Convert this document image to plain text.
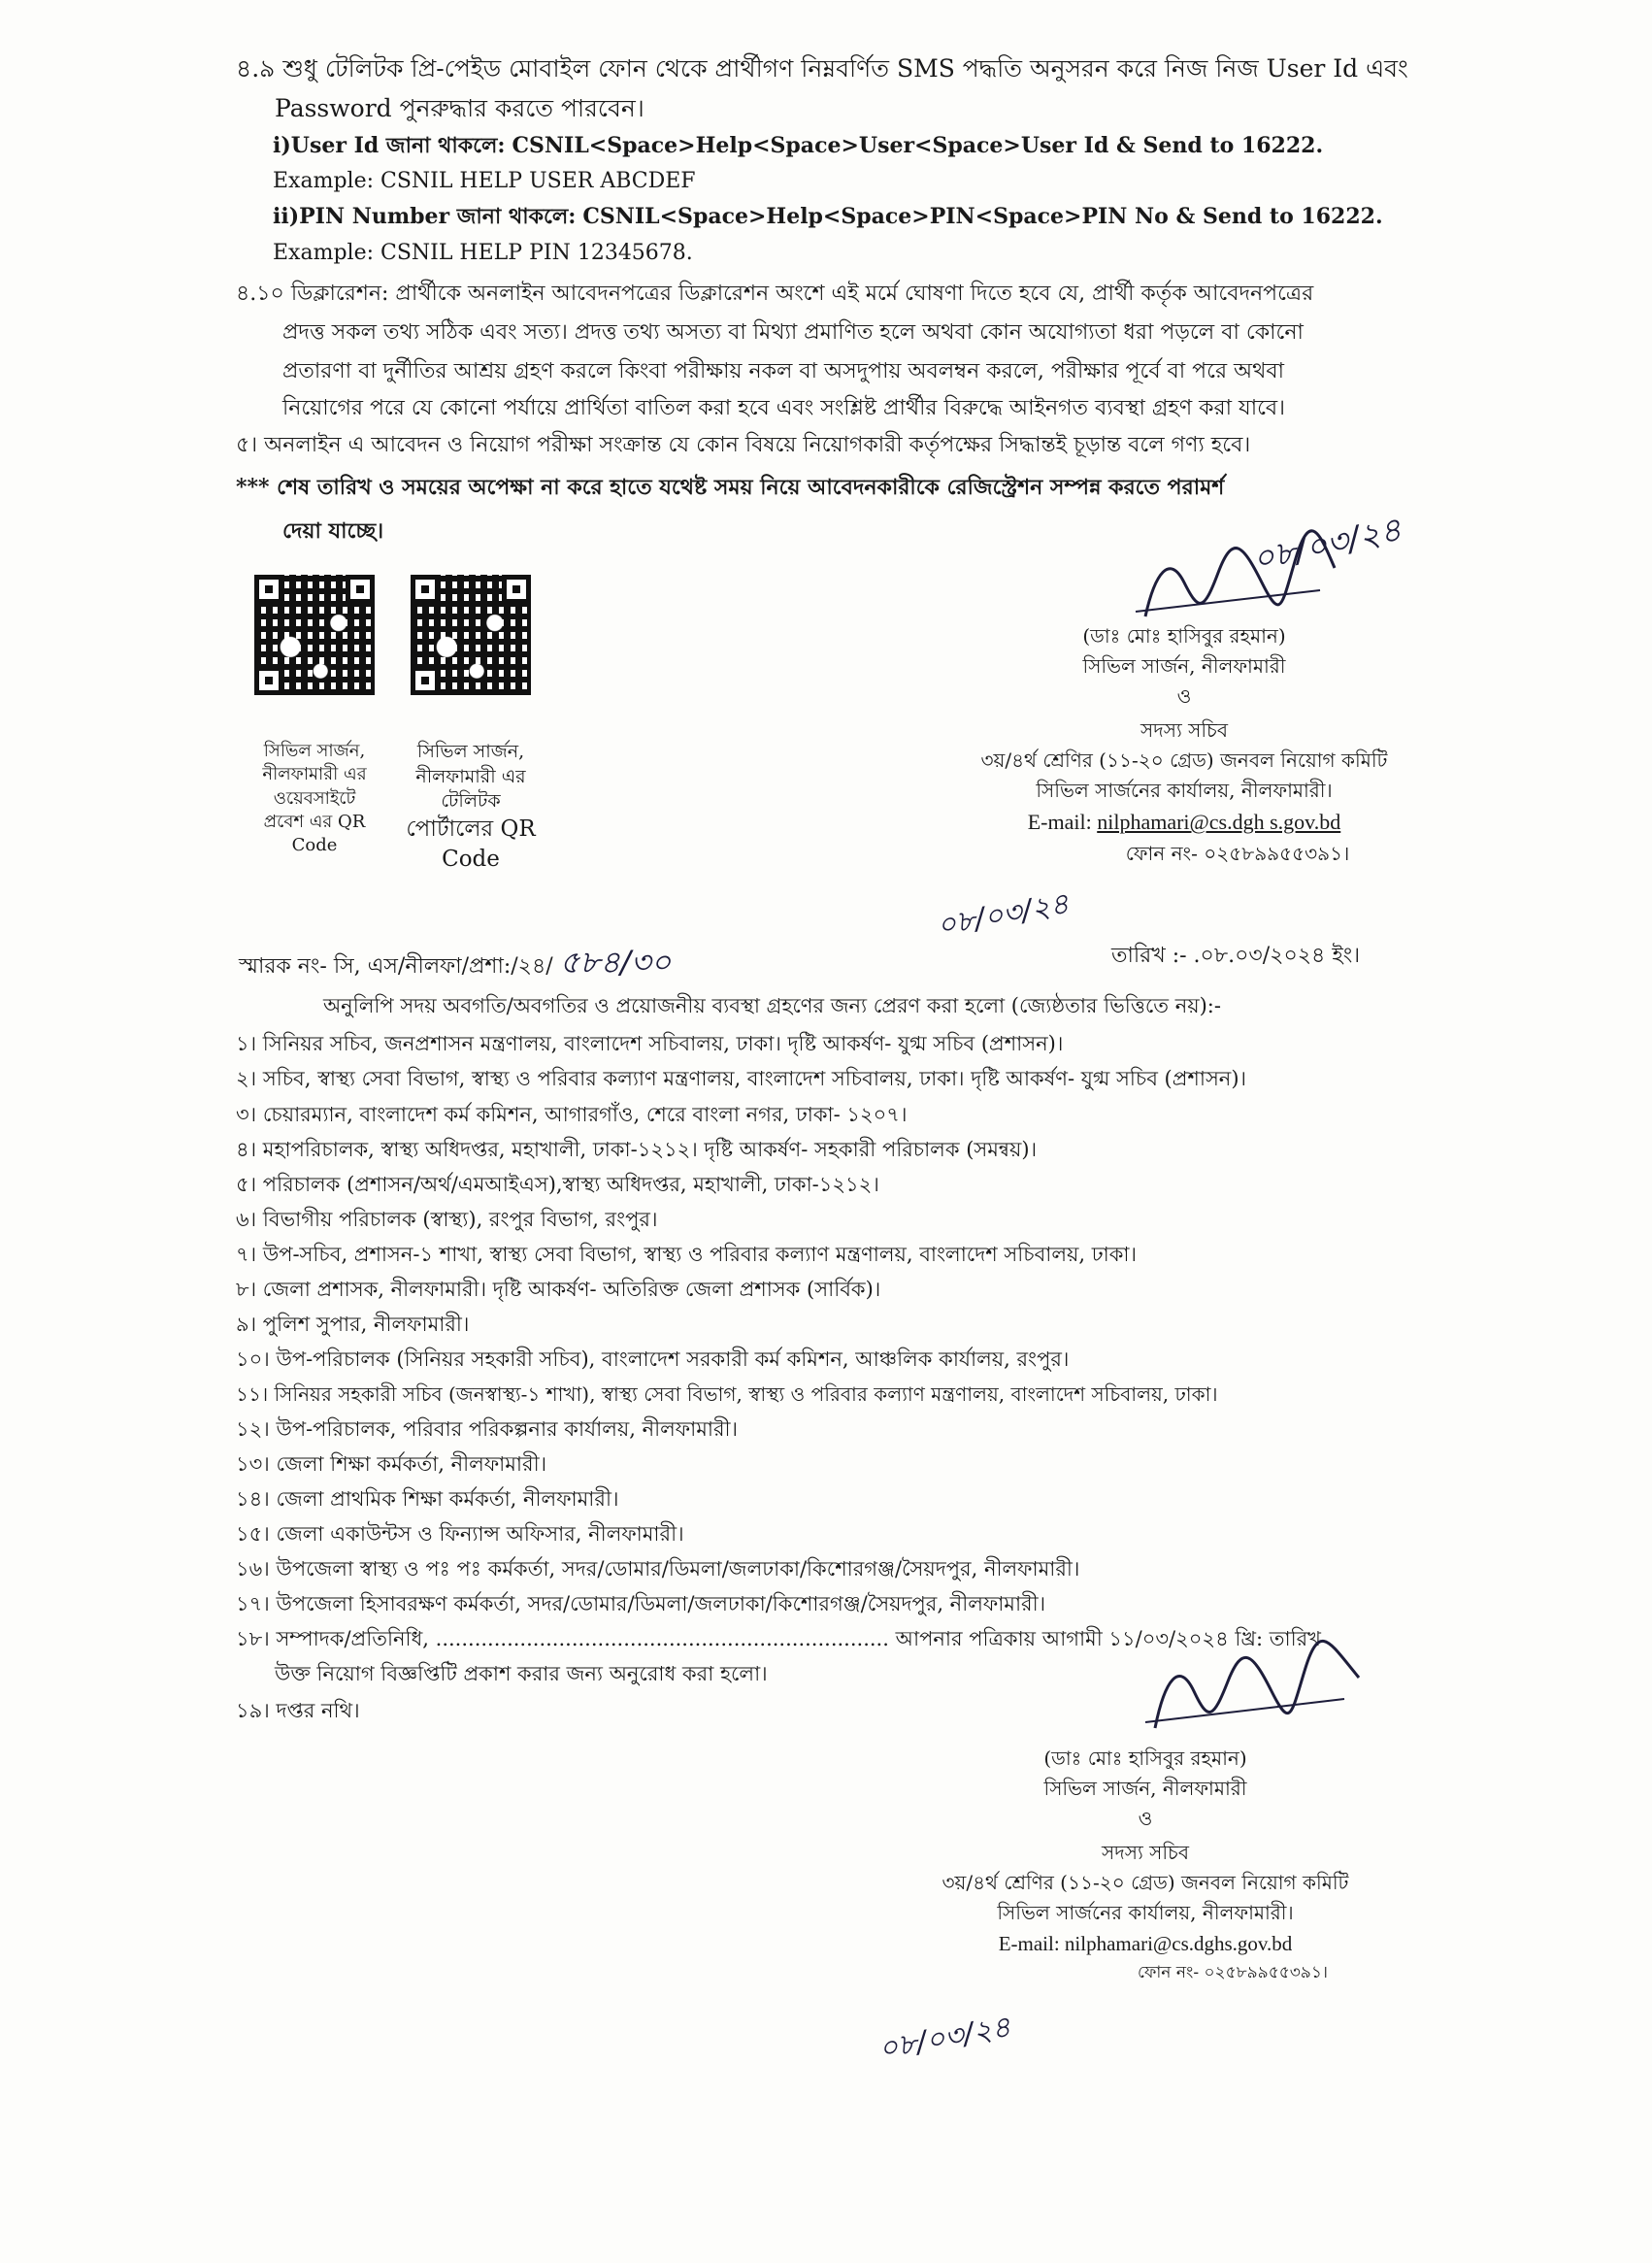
৪.৯ শুধু টেলিটক প্রি-পেইড মোবাইল ফোন থেকে প্রার্থীগণ নিম্নবর্ণিত SMS পদ্ধতি অনুসরন করে নিজ নিজ User Id এবং
Password পুনরুদ্ধার করতে পারবেন।
i)User Id জানা থাকলে: CSNIL<Space>Help<Space>User<Space>User Id & Send to 16222.
Example: CSNIL HELP USER ABCDEF
ii)PIN Number জানা থাকলে: CSNIL<Space>Help<Space>PIN<Space>PIN No & Send to 16222.
Example: CSNIL HELP PIN 12345678.
৪.১০ ডিক্লারেশন: প্রার্থীকে অনলাইন আবেদনপত্রের ডিক্লারেশন অংশে এই মর্মে ঘোষণা দিতে হবে যে, প্রার্থী কর্তৃক আবেদনপত্রের
প্রদত্ত সকল তথ্য সঠিক এবং সত্য। প্রদত্ত তথ্য অসত্য বা মিথ্যা প্রমাণিত হলে অথবা কোন অযোগ্যতা ধরা পড়লে বা কোনো
প্রতারণা বা দুর্নীতির আশ্রয় গ্রহণ করলে কিংবা পরীক্ষায় নকল বা অসদুপায় অবলম্বন করলে, পরীক্ষার পূর্বে বা পরে অথবা
নিয়োগের পরে যে কোনো পর্যায়ে প্রার্থিতা বাতিল করা হবে এবং সংশ্লিষ্ট প্রার্থীর বিরুদ্ধে আইনগত ব্যবস্থা গ্রহণ করা যাবে।
৫। অনলাইন এ আবেদন ও নিয়োগ পরীক্ষা সংক্রান্ত যে কোন বিষয়ে নিয়োগকারী কর্তৃপক্ষের সিদ্ধান্তই চূড়ান্ত বলে গণ্য হবে।
*** শেষ তারিখ ও সময়ের অপেক্ষা না করে হাতে যথেষ্ট সময় নিয়ে আবেদনকারীকে রেজিস্ট্রেশন সম্পন্ন করতে পরামর্শ
দেয়া যাচ্ছে।
সিভিল সার্জন,
নীলফামারী এর
ওয়েবসাইটে
প্রবেশ এর QR
Code
সিভিল সার্জন,
নীলফামারী এর
টেলিটক
পোর্টালের QR
Code
০৮/০৩/২৪
(ডাঃ মোঃ হাসিবুর রহমান)
সিভিল সার্জন, নীলফামারী
ও
সদস্য সচিব
৩য়/৪র্থ শ্রেণির (১১-২০ গ্রেড) জনবল নিয়োগ কমিটি
সিভিল সার্জনের কার্যালয়, নীলফামারী।
E-mail: nilphamari@cs.dgh s.gov.bd
ফোন নং- ০২৫৮৯৯৫৫৩৯১।
০৮/০৩/২৪
স্মারক নং- সি, এস/নীলফা/প্রশা:/২৪/ ৫৮৪/৩০	তারিখ :- .০৮.০৩/২০২৪ ইং।
অনুলিপি সদয় অবগতি/অবগতির ও প্রয়োজনীয় ব্যবস্থা গ্রহণের জন্য প্রেরণ করা হলো (জ্যেষ্ঠতার ভিত্তিতে নয়):-
১। সিনিয়র সচিব, জনপ্রশাসন মন্ত্রণালয়, বাংলাদেশ সচিবালয়, ঢাকা। দৃষ্টি আকর্ষণ- যুগ্ম সচিব (প্রশাসন)।
২। সচিব, স্বাস্থ্য সেবা বিভাগ, স্বাস্থ্য ও পরিবার কল্যাণ মন্ত্রণালয়, বাংলাদেশ সচিবালয়, ঢাকা। দৃষ্টি আকর্ষণ- যুগ্ম সচিব (প্রশাসন)।
৩। চেয়ারম্যান, বাংলাদেশ কর্ম কমিশন, আগারগাঁও, শেরে বাংলা নগর, ঢাকা- ১২০৭।
৪। মহাপরিচালক, স্বাস্থ্য অধিদপ্তর, মহাখালী, ঢাকা-১২১২। দৃষ্টি আকর্ষণ- সহকারী পরিচালক (সমন্বয়)।
৫। পরিচালক (প্রশাসন/অর্থ/এমআইএস),স্বাস্থ্য অধিদপ্তর, মহাখালী, ঢাকা-১২১২।
৬। বিভাগীয় পরিচালক (স্বাস্থ্য), রংপুর বিভাগ, রংপুর।
৭। উপ-সচিব, প্রশাসন-১ শাখা, স্বাস্থ্য সেবা বিভাগ, স্বাস্থ্য ও পরিবার কল্যাণ মন্ত্রণালয়, বাংলাদেশ সচিবালয়, ঢাকা।
৮। জেলা প্রশাসক, নীলফামারী। দৃষ্টি আকর্ষণ- অতিরিক্ত জেলা প্রশাসক (সার্বিক)।
৯। পুলিশ সুপার, নীলফামারী।
১০। উপ-পরিচালক (সিনিয়র সহকারী সচিব), বাংলাদেশ সরকারী কর্ম কমিশন, আঞ্চলিক কার্যালয়, রংপুর।
১১। সিনিয়র সহকারী সচিব (জনস্বাস্থ্য-১ শাখা), স্বাস্থ্য সেবা বিভাগ, স্বাস্থ্য ও পরিবার কল্যাণ মন্ত্রণালয়, বাংলাদেশ সচিবালয়, ঢাকা।
১২। উপ-পরিচালক, পরিবার পরিকল্পনার কার্যালয়, নীলফামারী।
১৩। জেলা শিক্ষা কর্মকর্তা, নীলফামারী।
১৪। জেলা প্রাথমিক শিক্ষা কর্মকর্তা, নীলফামারী।
১৫। জেলা একাউন্টস ও ফিন্যান্স অফিসার, নীলফামারী।
১৬। উপজেলা স্বাস্থ্য ও পঃ পঃ কর্মকর্তা, সদর/ডোমার/ডিমলা/জলঢাকা/কিশোরগঞ্জ/সৈয়দপুর, নীলফামারী।
১৭। উপজেলা হিসাবরক্ষণ কর্মকর্তা, সদর/ডোমার/ডিমলা/জলঢাকা/কিশোরগঞ্জ/সৈয়দপুর, নীলফামারী।
১৮। সম্পাদক/প্রতিনিধি, ...................................................................... আপনার পত্রিকায় আগামী ১১/০৩/২০২৪ খ্রি: তারিখ
উক্ত নিয়োগ বিজ্ঞপ্তিটি প্রকাশ করার জন্য অনুরোধ করা হলো।
১৯। দপ্তর নথি।
(ডাঃ মোঃ হাসিবুর রহমান)
সিভিল সার্জন, নীলফামারী
ও
সদস্য সচিব
৩য়/৪র্থ শ্রেণির (১১-২০ গ্রেড) জনবল নিয়োগ কমিটি
সিভিল সার্জনের কার্যালয়, নীলফামারী।
E-mail: nilphamari@cs.dghs.gov.bd
ফোন নং- ০২৫৮৯৯৫৫৩৯১।
০৮/০৩/২৪
